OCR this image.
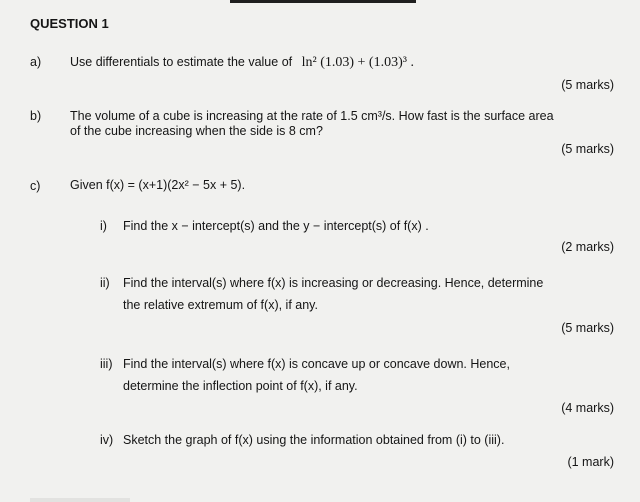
QUESTION 1
a) Use differentials to estimate the value of ln² (1.03) + (1.03)³ .
(5 marks)
b) The volume of a cube is increasing at the rate of 1.5 cm³/s. How fast is the surface area
of the cube increasing when the side is 8 cm?
(5 marks)
c) Given f(x) = (x+1)(2x² − 5x + 5).
i) Find the x − intercept(s) and the y − intercept(s) of f(x) .
(2 marks)
ii) Find the interval(s) where f(x) is increasing or decreasing. Hence, determine
the relative extremum of f(x), if any.
(5 marks)
iii) Find the interval(s) where f(x) is concave up or concave down. Hence,
determine the inflection point of f(x), if any.
(4 marks)
iv) Sketch the graph of f(x) using the information obtained from (i) to (iii).
(1 mark)
